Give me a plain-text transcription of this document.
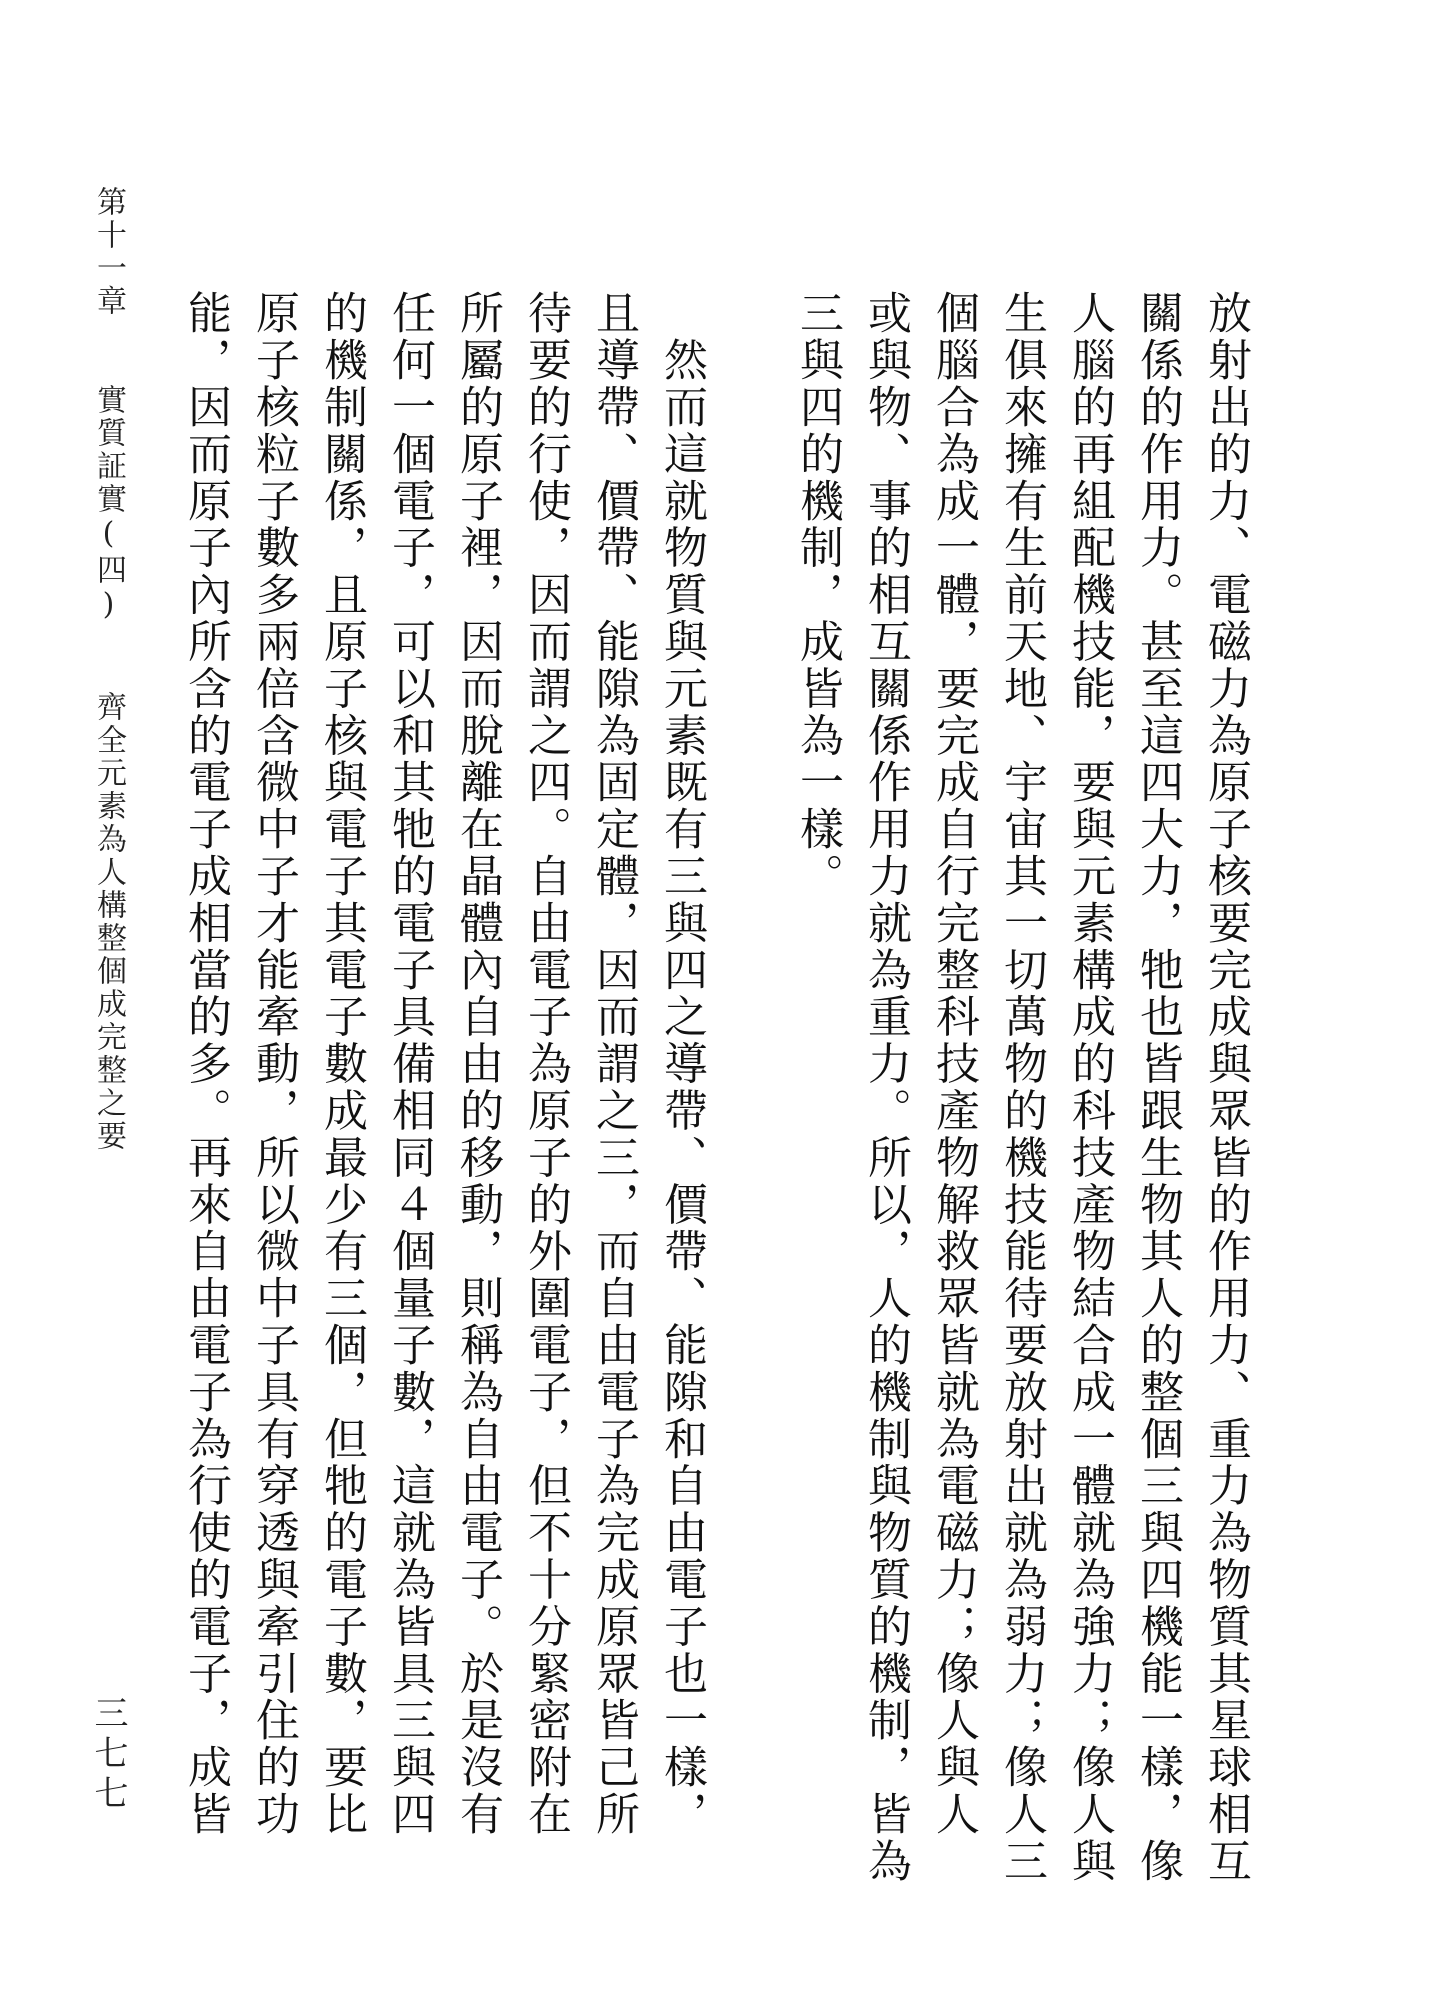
第十一章　　實質証實(四)　　齊全元素為人構整個成完整之要
三七七	放射出的力、電磁力為原子核要完成與眾皆的作用力、重力為物質其星球相互
關係的作用力。甚至這四大力，牠也皆跟生物其人的整個三與四機能一樣，像
人腦的再組配機技能，要與元素構成的科技產物結合成一體就為強力；像人與
生俱來擁有生前天地、宇宙其一切萬物的機技能待要放射出就為弱力；像人三
個腦合為成一體，要完成自行完整科技產物解救眾皆就為電磁力；像人與人
或與物、事的相互關係作用力就為重力。所以，人的機制與物質的機制，皆為
三與四的機制，成皆為一樣。
　然而這就物質與元素既有三與四之導帶、價帶、能隙和自由電子也一樣，
且導帶、價帶、能隙為固定體，因而謂之三，而自由電子為完成原眾皆己所
待要的行使，因而謂之四。自由電子為原子的外圍電子，但不十分緊密附在
所屬的原子裡，因而脫離在晶體內自由的移動，則稱為自由電子。於是沒有
任何一個電子，可以和其牠的電子具備相同４個量子數，這就為皆具三與四
的機制關係，且原子核與電子其電子數成最少有三個，但牠的電子數，要比
原子核粒子數多兩倍含微中子才能牽動，所以微中子具有穿透與牽引住的功
能，因而原子內所含的電子成相當的多。再來自由電子為行使的電子，成皆
